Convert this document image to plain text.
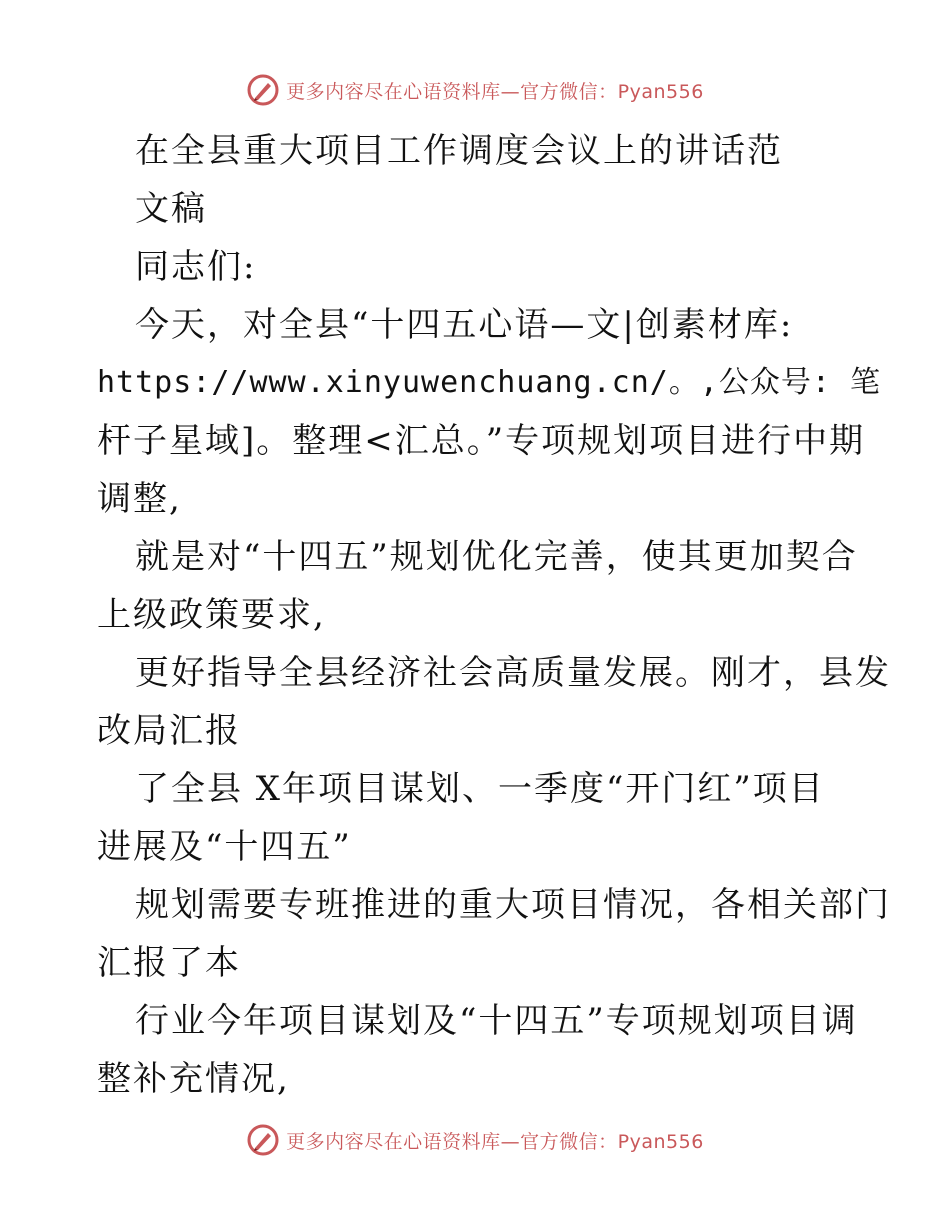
更多内容尽在心语资料库—官方微信：Pyan556
在全县重大项目工作调度会议上的讲话范
文稿
同志们:
今天，对全县“十四五心语—文|创素材库:
https://www.xinyuwenchuang.cn/。,公众号: 笔
杆子星域]。整理<汇总。”专项规划项目进行中期
调整,
就是对“十四五”规划优化完善，使其更加契合
上级政策要求,
更好指导全县经济社会高质量发展。刚才，县发
改局汇报
了全县 X年项目谋划、一季度“开门红”项目
进展及“十四五”
规划需要专班推进的重大项目情况，各相关部门
汇报了本
行业今年项目谋划及“十四五”专项规划项目调
整补充情况,
更多内容尽在心语资料库—官方微信：Pyan556
